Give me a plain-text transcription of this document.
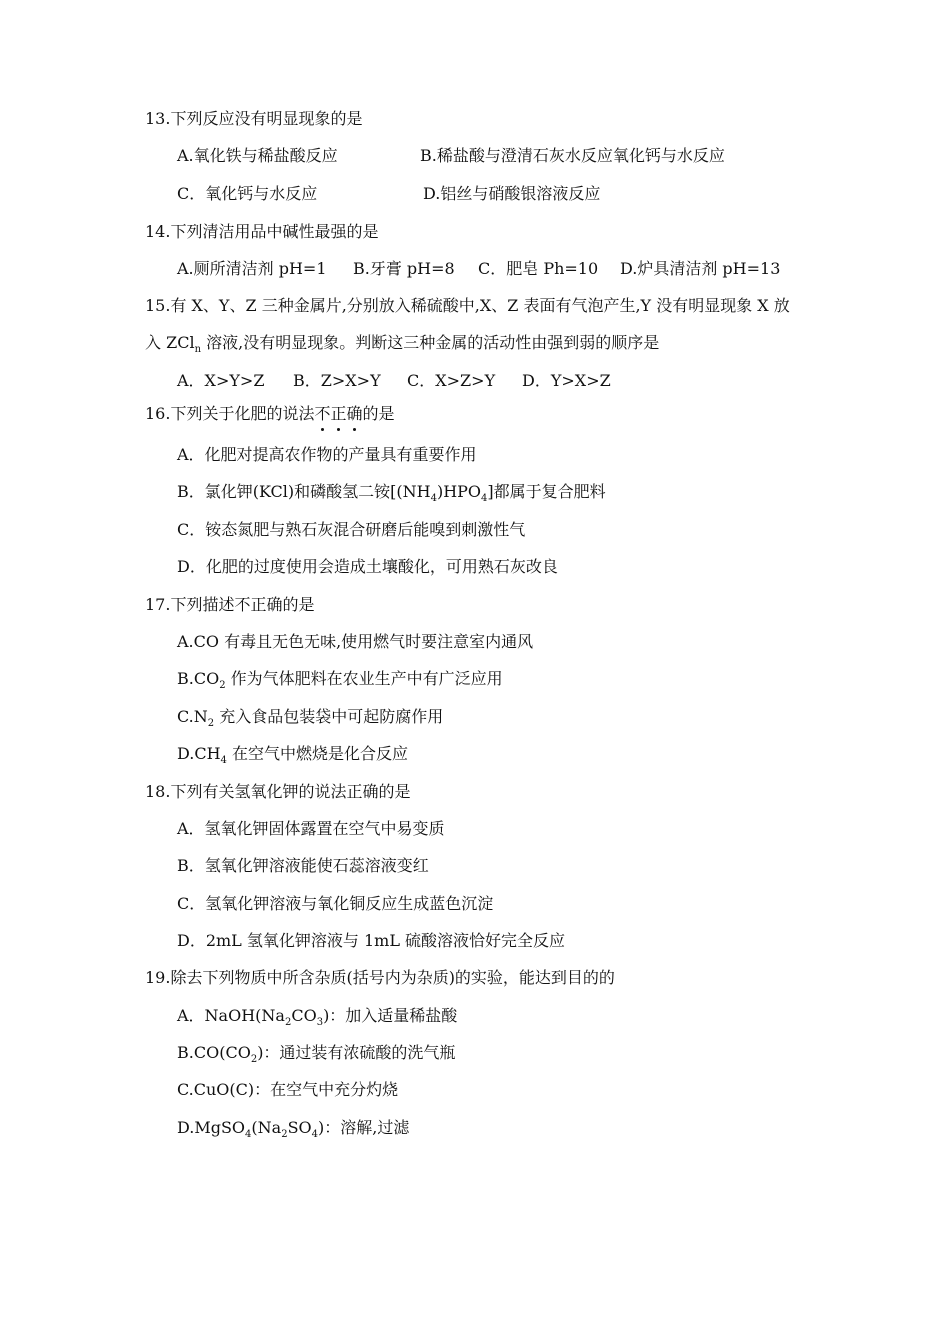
13.下列反应没有明显现象的是
A.氧化铁与稀盐酸反应	B.稀盐酸与澄清石灰水反应氧化钙与水反应
C．氧化钙与水反应	D.铝丝与硝酸银溶液反应
14.下列清洁用品中碱性最强的是
A.厕所清洁剂 pH=1 B.牙膏 pH=8 C．肥皂 Ph=10 D.炉具清洁剂 pH=13
15.有 X、Y、Z 三种金属片,分别放入稀硫酸中,X、Z 表面有气泡产生,Y 没有明显现象 X 放
入 ZCl$_n$ 溶液,没有明显现象。判断这三种金属的活动性由强到弱的顺序是
A．X>Y>Z B．Z>X>Y C．X>Z>Y D．Y>X>Z
16.下列关于化肥的说法不正确的是
A．化肥对提高农作物的产量具有重要作用
B．氯化钾(KCl)和磷酸氢二铵$[(NH_4)HPO_4]$都属于复合肥料
C．铵态氮肥与熟石灰混合研磨后能嗅到刺激性气
D．化肥的过度使用会造成土壤酸化，可用熟石灰改良
17.下列描述不正确的是
A.CO 有毒且无色无味,使用燃气时要注意室内通风
$B.CO_2$ 作为气体肥料在农业生产中有广泛应用
$C.N_2$ 充入食品包装袋中可起防腐作用
$D.CH_4$ 在空气中燃烧是化合反应
18.下列有关氢氧化钾的说法正确的是
A．氢氧化钾固体露置在空气中易变质
B．氢氧化钾溶液能使石蕊溶液变红
C．氢氧化钾溶液与氧化铜反应生成蓝色沉淀
D．2mL 氢氧化钾溶液与 1mL 硫酸溶液恰好完全反应
19.除去下列物质中所含杂质(括号内为杂质)的实验，能达到目的的
A．$NaOH(Na_2CO_3)$：加入适量稀盐酸
$B.CO(CO_2)$：通过装有浓硫酸的洗气瓶
C.CuO(C)：在空气中充分灼烧
$D.MgSO_4(Na_2SO_4)$：溶解,过滤
